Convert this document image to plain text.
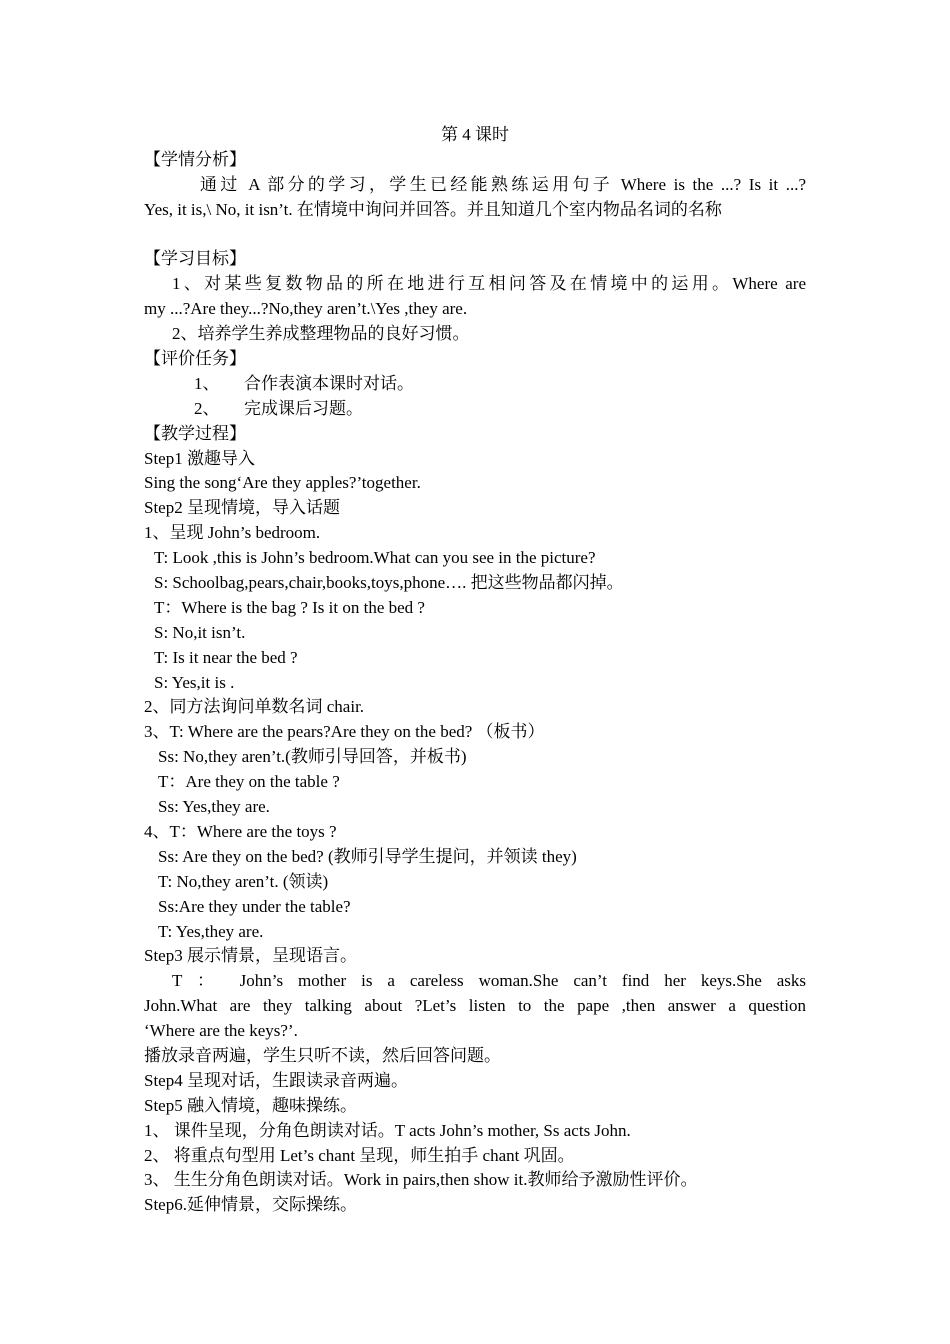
第 4 课时
【学情分析】
通过 A 部分的学习，学生已经能熟练运用句子 Where is the ...? Is it ...?
Yes, it is,\ No, it isn’t. 在情境中询问并回答。并且知道几个室内物品名词的名称
【学习目标】
1、对某些复数物品的所在地进行互相问答及在情境中的运用。Where are
my ...?Are they...?No,they aren’t.\Yes ,they are.
2、培养学生养成整理物品的良好习惯。
【评价任务】
1、 合作表演本课时对话。
2、 完成课后习题。
【教学过程】
Step1 激趣导入
Sing the song‘Are they apples?’together.
Step2 呈现情境，导入话题
1、呈现 John’s bedroom.
T: Look ,this is John’s bedroom.What can you see in the picture?
S: Schoolbag,pears,chair,books,toys,phone…. 把这些物品都闪掉。
T：Where is the bag ? Is it on the bed ?
S: No,it isn’t.
T: Is it near the bed ?
S: Yes,it is .
2、同方法询问单数名词 chair.
3、T: Where are the pears?Are they on the bed? （板书）
Ss: No,they aren’t.(教师引导回答，并板书)
T：Are they on the table ?
Ss: Yes,they are.
4、T：Where are the toys ?
Ss: Are they on the bed? (教师引导学生提问，并领读 they)
T: No,they aren’t. (领读)
Ss:Are they under the table?
T: Yes,they are.
Step3 展示情景，呈现语言。
T ： John’s mother is a careless woman.She can’t find her keys.She asks
John.What are they talking about ?Let’s listen to the pape ,then answer a question
‘Where are the keys?’.
播放录音两遍，学生只听不读，然后回答问题。
Step4 呈现对话，生跟读录音两遍。
Step5 融入情境，趣味操练。
1、 课件呈现，分角色朗读对话。T acts John’s mother, Ss acts John.
2、 将重点句型用 Let’s chant 呈现，师生拍手 chant 巩固。
3、 生生分角色朗读对话。Work in pairs,then show it.教师给予激励性评价。
Step6.延伸情景，交际操练。
